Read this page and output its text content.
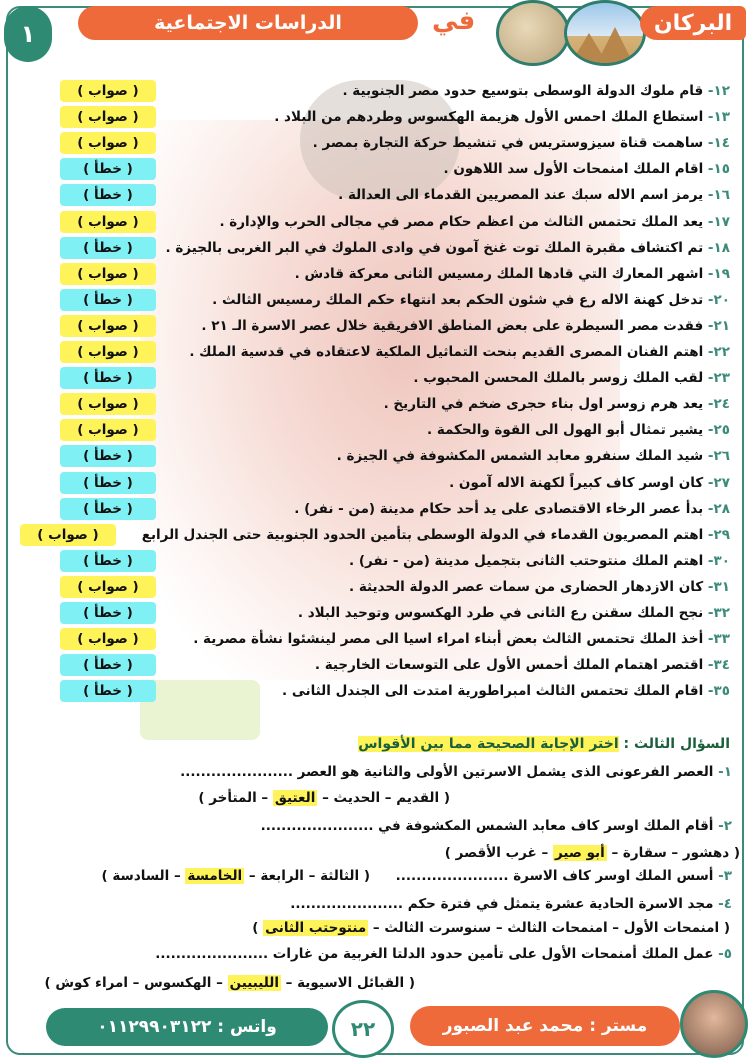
١	الدراسات الاجتماعية	في	البركان
( صواب )	١٢- قام ملوك الدولة الوسطى بتوسيع حدود مصر الجنوبية .
( صواب )	١٣- استطاع الملك احمس الأول هزيمة الهكسوس وطردهم من البلاد .
( صواب )	١٤- ساهمت قناة سيزوستريس في تنشيط حركة التجارة بمصر .
( خطأ )	١٥- اقام الملك امنمحات الأول سد اللاهون .
( خطأ )	١٦- يرمز اسم الاله سبك عند المصريين القدماء الى العدالة .
( صواب )	١٧- يعد الملك تحتمس الثالث من اعظم حكام مصر في مجالى الحرب والإدارة .
( خطأ )	١٨- تم اكتشاف مقبرة الملك توت غنخ آمون في وادى الملوك في البر الغربى بالجيزة .
( صواب )	١٩- اشهر المعارك التي قادها الملك رمسيس الثانى معركة قادش .
( خطأ )	٢٠- تدخل كهنة الاله رع في شئون الحكم بعد انتهاء حكم الملك رمسيس الثالث .
( صواب )	٢١- فقدت مصر السيطرة على بعض المناطق الافريقية خلال عصر الاسرة الـ ٢١ .
( صواب )	٢٢- اهتم الفنان المصرى القديم بنحت التماثيل الملكية لاعتقاده في قدسية الملك .
( خطأ )	٢٣- لقب الملك زوسر بالملك المحسن المحبوب .
( صواب )	٢٤- يعد هرم زوسر اول بناء حجرى ضخم في التاريخ .
( صواب )	٢٥- يشير تمثال أبو الهول الى القوة والحكمة .
( خطأ )	٢٦- شيد الملك سنفرو معابد الشمس المكشوفة في الجيزة .
( خطأ )	٢٧- كان اوسر كاف كبيراً لكهنة الاله آمون .
( خطأ )	٢٨- بدأ عصر الرخاء الاقتصادى على يد أحد حكام مدينة (من - نفر) .
( صواب )	٢٩- اهتم المصريون القدماء في الدولة الوسطى بتأمين الحدود الجنوبية حتى الجندل الرابع
( خطأ )	٣٠- اهتم الملك منتوحتب الثانى بتجميل مدينة (من - نفر) .
( صواب )	٣١- كان الازدهار الحضارى من سمات عصر الدولة الحديثة .
( خطأ )	٣٢- نجح الملك سقنن رع الثانى في طرد الهكسوس وتوحيد البلاد .
( صواب )	٣٣- أخذ الملك تحتمس الثالث بعض أبناء امراء اسيا الى مصر لينشئوا نشأة مصرية .
( خطأ )	٣٤- اقتصر اهتمام الملك أحمس الأول على التوسعات الخارجية .
( خطأ )	٣٥- اقام الملك تحتمس الثالث امبراطورية امتدت الى الجندل الثانى .
السؤال الثالث : اختر الإجابة الصحيحة مما بين الأقواس
١- العصر الفرعونى الذى يشمل الاسرتين الأولى والثانية هو العصر ......................
( القديم – الحديث – العتيق – المتأخر )
٢- أقام الملك اوسر كاف معابد الشمس المكشوفة في ......................
( دهشور – سقارة – أبو صير – غرب الأقصر )
٣- أسس الملك اوسر كاف الاسرة ......................
( الثالثة – الرابعة – الخامسة – السادسة )
٤- مجد الاسرة الحادية عشرة يتمثل في فترة حكم ......................
( امنمحات الأول – امنمحات الثالث – سنوسرت الثالث – منتوحتب الثانى )
٥- عمل الملك أمنمحات الأول على تأمين حدود الدلتا الغربية من غارات ......................
( القبائل الاسيوية – الليبيين – الهكسوس – امراء كوش )
واتس : ٠١١٢٩٩٠٣١٢٢	٢٢	مستر : محمد عبد الصبور
